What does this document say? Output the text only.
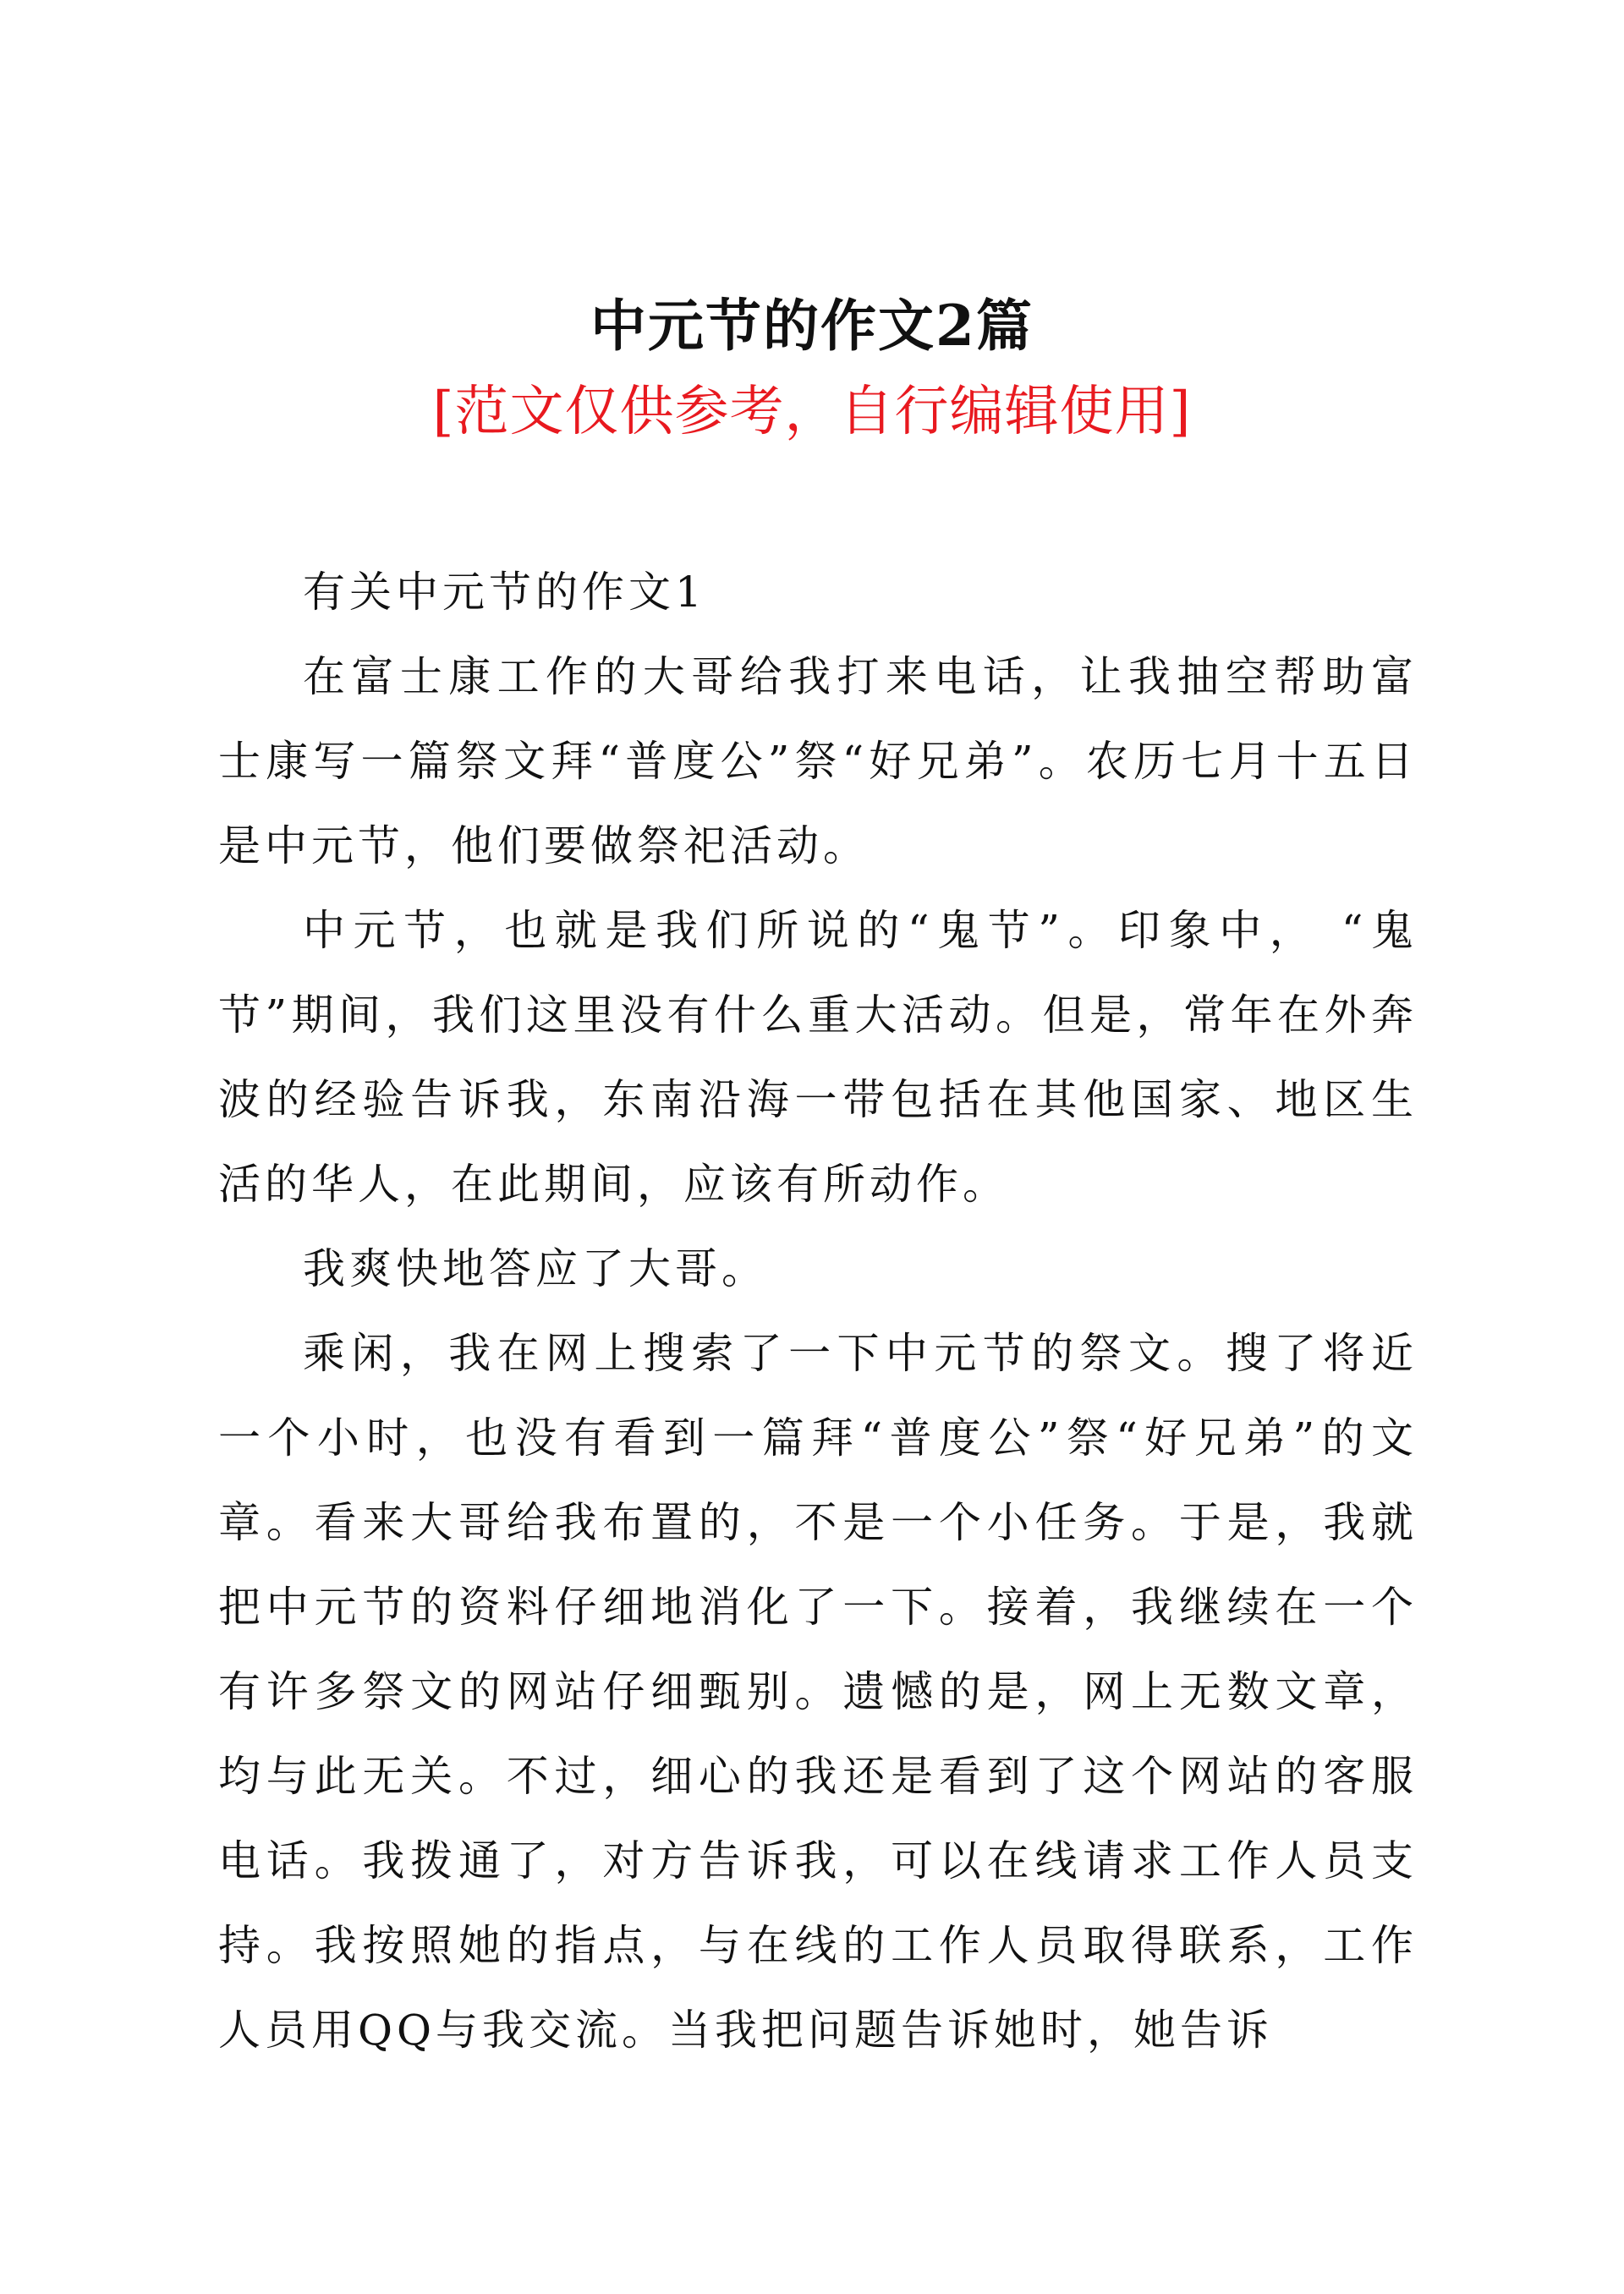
中元节的作文2篇
[范文仅供参考，自行编辑使用]

有关中元节的作文1

在富士康工作的大哥给我打来电话，让我抽空帮助富士康写一篇祭文拜“普度公”祭“好兄弟”。农历七月十五日是中元节，他们要做祭祀活动。

中元节，也就是我们所说的“鬼节”。印象中， “鬼节”期间，我们这里没有什么重大活动。但是，常年在外奔波的经验告诉我，东南沿海一带包括在其他国家、地区生活的华人，在此期间，应该有所动作。

我爽快地答应了大哥。

乘闲，我在网上搜索了一下中元节的祭文。搜了将近一个小时，也没有看到一篇拜“普度公”祭“好兄弟”的文章。看来大哥给我布置的，不是一个小任务。于是，我就把中元节的资料仔细地消化了一下。接着，我继续在一个有许多祭文的网站仔细甄别。遗憾的是，网上无数文章，均与此无关。不过，细心的我还是看到了这个网站的客服电话。我拨通了，对方告诉我，可以在线请求工作人员支持。我按照她的指点，与在线的工作人员取得联系，工作人员用QQ与我交流。当我把问题告诉她时，她告诉
